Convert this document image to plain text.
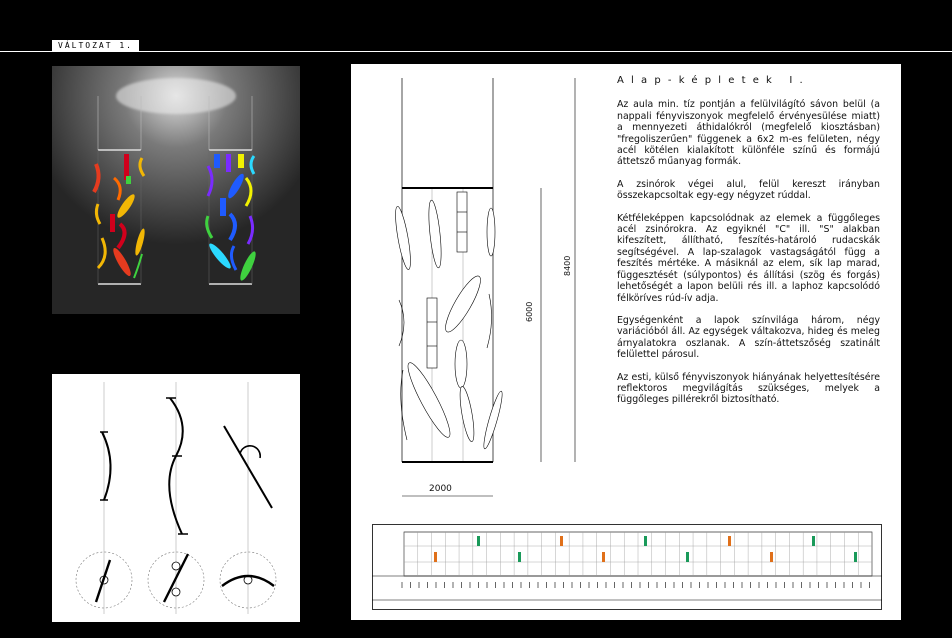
VÁLTOZAT 1.
2000
6000
8400
Alap-képletek I.

Az aula min. tíz pontján a felülvilágító sávon belül (a nappali fényviszonyok megfelelő érvényesülése miatt) a mennyezeti áthidalókról (megfelelő kiosztásban) "fregoliszerűen" függenek a 6x2 m-es felületen, négy acél kötélen kialakított különféle színű és formájú áttetsző műanyag formák.

A zsinórok végei alul, felül kereszt irányban összekapcsoltak egy-egy négyzet rúddal.

Kétféleképpen kapcsolódnak az elemek a függőleges acél zsinórokra. Az egyiknél "C" ill. "S" alakban kifeszített, állítható, feszítés-határoló rudacskák segítségével. A lap-szalagok vastagságától függ a feszítés mértéke. A másiknál az elem, sík lap marad, függesztését (súlypontos) és állítási (szög és forgás) lehetőségét a lapon belüli rés ill. a laphoz kapcsolódó félköríves rúd-ív adja.

Egységenként a lapok színvilága három, négy variációból áll. Az egységek váltakozva, hideg és meleg árnyalatokra oszlanak. A szín-áttetszőség szatinált felülettel párosul.

Az esti, külső fényviszonyok hiányának helyettesítésére reflektoros megvilágítás szükséges, melyek a függőleges pillérekről biztosítható.
